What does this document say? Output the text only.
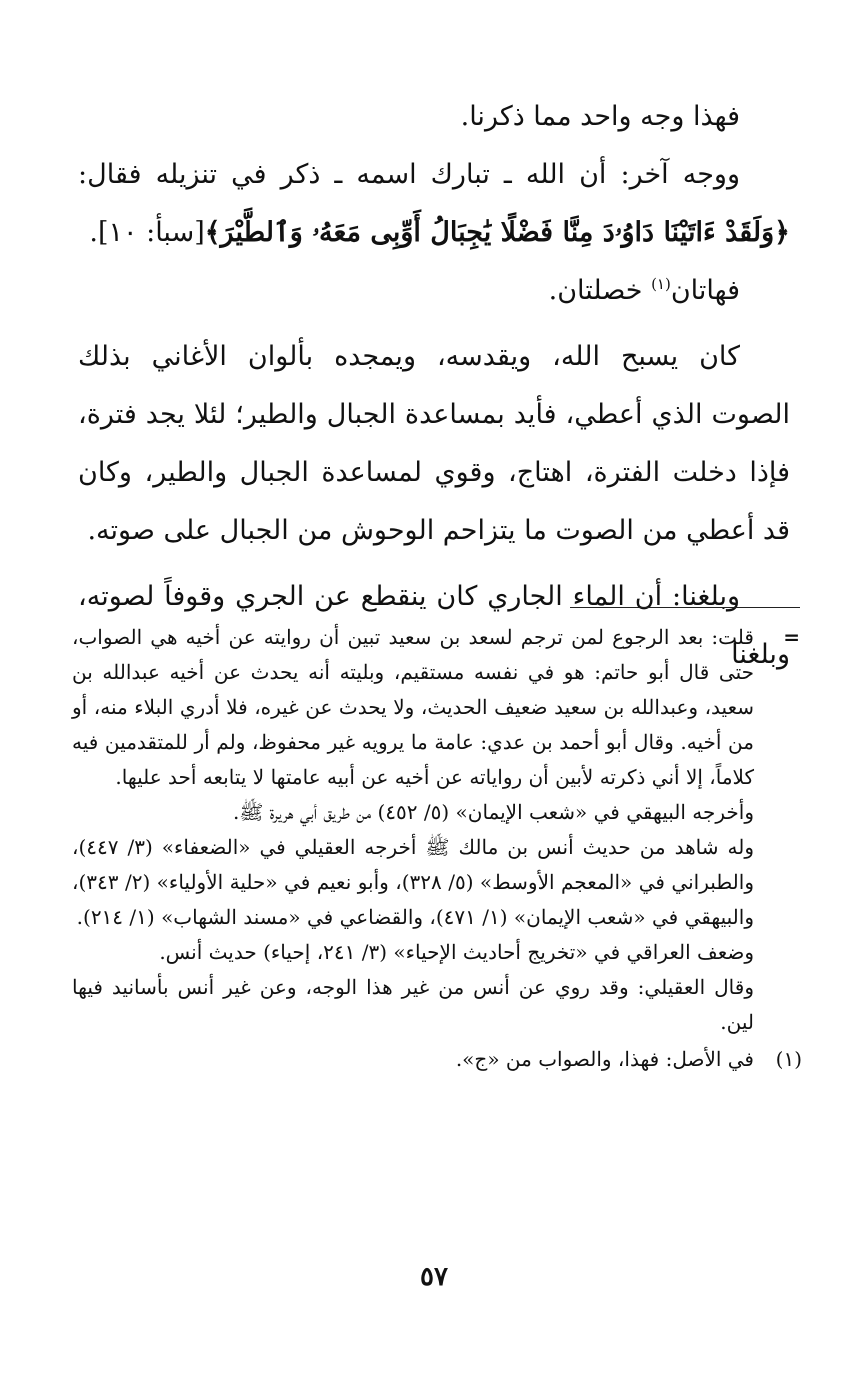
فهذا وجه واحد مما ذكرنا.

ووجه آخر: أن الله ـ تبارك اسمه ـ ذكر في تنزيله فقال: ﴿وَلَقَدْ ءَاتَيْنَا دَاوُۥدَ مِنَّا فَضْلًا يَٰجِبَالُ أَوِّبِى مَعَهُۥ وَٱلطَّيْرَ﴾[سبأ: ١٠].

فهاتان$^{(١)}$ خصلتان.

كان يسبح الله، ويقدسه، ويمجده بألوان الأغاني بذلك الصوت الذي أعطي، فأيد بمساعدة الجبال والطير؛ لئلا يجد فترة، فإذا دخلت الفترة، اهتاج، وقوي لمساعدة الجبال والطير، وكان قد أعطي من الصوت ما يتزاحم الوحوش من الجبال على صوته.

وبلغنا: أن الماء الجاري كان ينقطع عن الجري وقوفاً لصوته، وبلغنا

=

قلت: بعد الرجوع لمن ترجم لسعد بن سعيد تبين أن روايته عن أخيه هي الصواب، حتى قال أبو حاتم: هو في نفسه مستقيم، وبليته أنه يحدث عن أخيه عبدالله بن سعيد، وعبدالله بن سعيد ضعيف الحديث، ولا يحدث عن غيره، فلا أدري البلاء منه، أو من أخيه. وقال أبو أحمد بن عدي: عامة ما يرويه غير محفوظ، ولم أر للمتقدمين فيه كلاماً، إلا أني ذكرته لأبين أن رواياته عن أخيه عن أبيه عامتها لا يتابعه أحد عليها.

وأخرجه البيهقي في «شعب الإيمان» (٥/ ٤٥٢) من طريق أبي هريرة ﷺ.

وله شاهد من حديث أنس بن مالك ﷺ أخرجه العقيلي في «الضعفاء» (٣/ ٤٤٧)، والطبراني في «المعجم الأوسط» (٥/ ٣٢٨)، وأبو نعيم في «حلية الأولياء» (٢/ ٣٤٣)، والبيهقي في «شعب الإيمان» (١/ ٤٧١)، والقضاعي في «مسند الشهاب» (١/ ٢١٤).

وضعف العراقي في «تخريج أحاديث الإحياء» (٣/ ٢٤١، إحياء) حديث أنس.

وقال العقيلي: وقد روي عن أنس من غير هذا الوجه، وعن غير أنس بأسانيد فيها لين.

(١)
في الأصل: فهذا، والصواب من «ج».
٥٧
